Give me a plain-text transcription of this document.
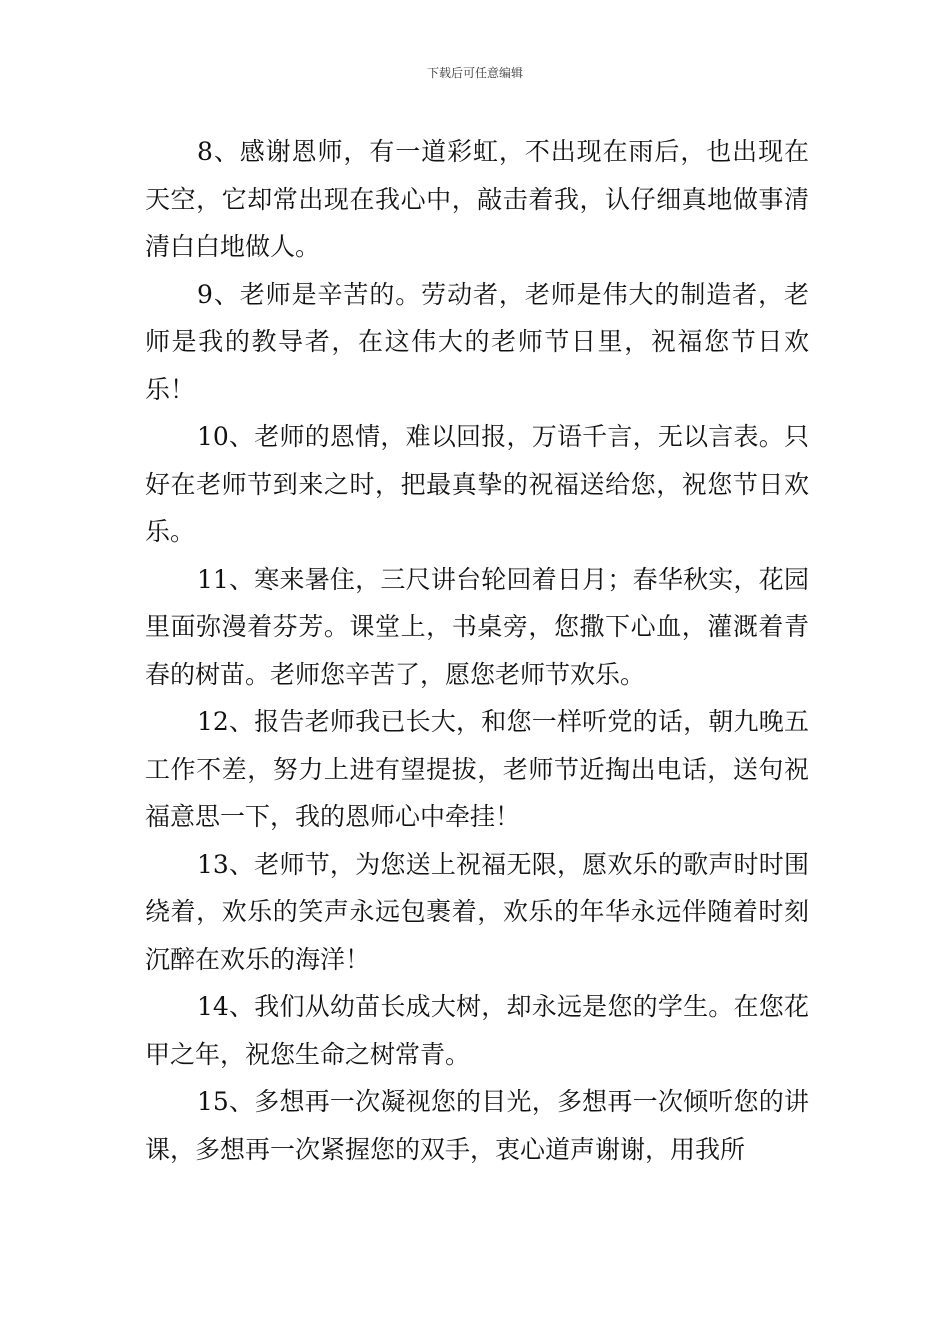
下载后可任意编辑

8、感谢恩师，有一道彩虹，不出现在雨后，也出现在天空，它却常出现在我心中，敲击着我，认仔细真地做事清清白白地做人。

9、老师是辛苦的。劳动者，老师是伟大的制造者，老师是我的教导者，在这伟大的老师节日里，祝福您节日欢乐！

10、老师的恩情，难以回报，万语千言，无以言表。只好在老师节到来之时，把最真挚的祝福送给您，祝您节日欢乐。

11、寒来暑住，三尺讲台轮回着日月；春华秋实，花园里面弥漫着芬芳。课堂上，书桌旁，您撒下心血，灌溉着青春的树苗。老师您辛苦了，愿您老师节欢乐。

12、报告老师我已长大，和您一样听党的话，朝九晚五工作不差，努力上进有望提拔，老师节近掏出电话，送句祝福意思一下，我的恩师心中牵挂！

13、老师节，为您送上祝福无限，愿欢乐的歌声时时围绕着，欢乐的笑声永远包裹着，欢乐的年华永远伴随着时刻沉醉在欢乐的海洋！

14、我们从幼苗长成大树，却永远是您的学生。在您花甲之年，祝您生命之树常青。

15、多想再一次凝视您的目光，多想再一次倾听您的讲课，多想再一次紧握您的双手，衷心道声谢谢，用我所
